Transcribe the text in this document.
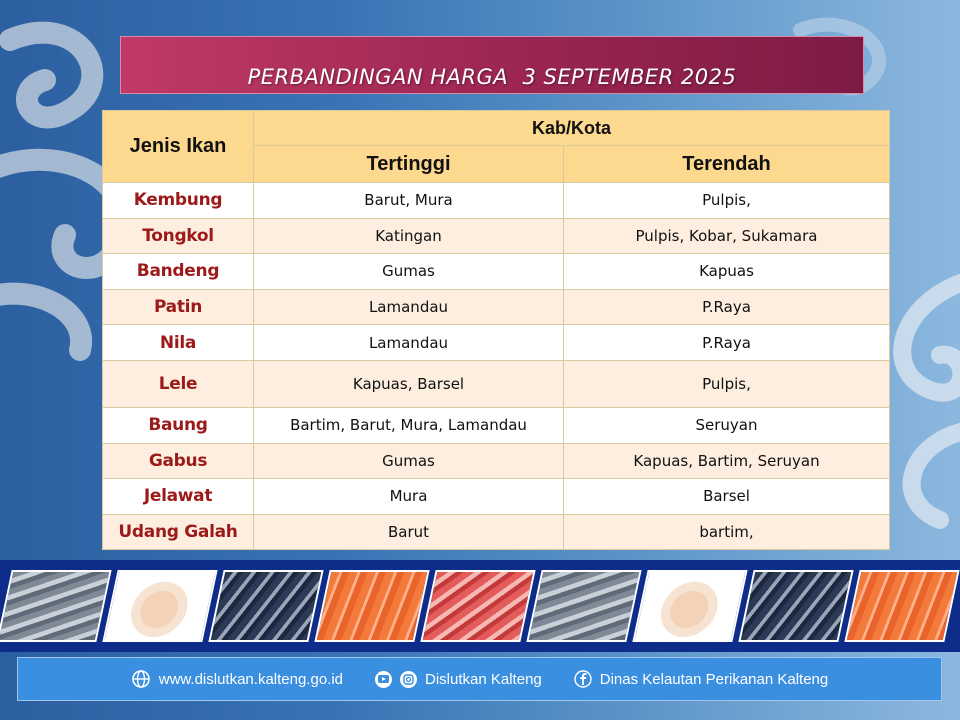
PERBANDINGAN HARGA  3 SEPTEMBER 2025
Jenis Ikan	Kab/Kota	
	Tertinggi	Terendah
Kembung	Barut, Mura	Pulpis,
Tongkol	Katingan	Pulpis, Kobar, Sukamara
Bandeng	Gumas	Kapuas
Patin	Lamandau	P.Raya
Nila	Lamandau	P.Raya
Lele	Kapuas, Barsel	Pulpis,
Baung	Bartim, Barut, Mura, Lamandau	Seruyan
Gabus	Gumas	Kapuas, Bartim, Seruyan
Jelawat	Mura	Barsel
Udang Galah	Barut	bartim,
www.dislutkan.kalteng.go.id	Dislutkan Kalteng	Dinas Kelautan Perikanan Kalteng
